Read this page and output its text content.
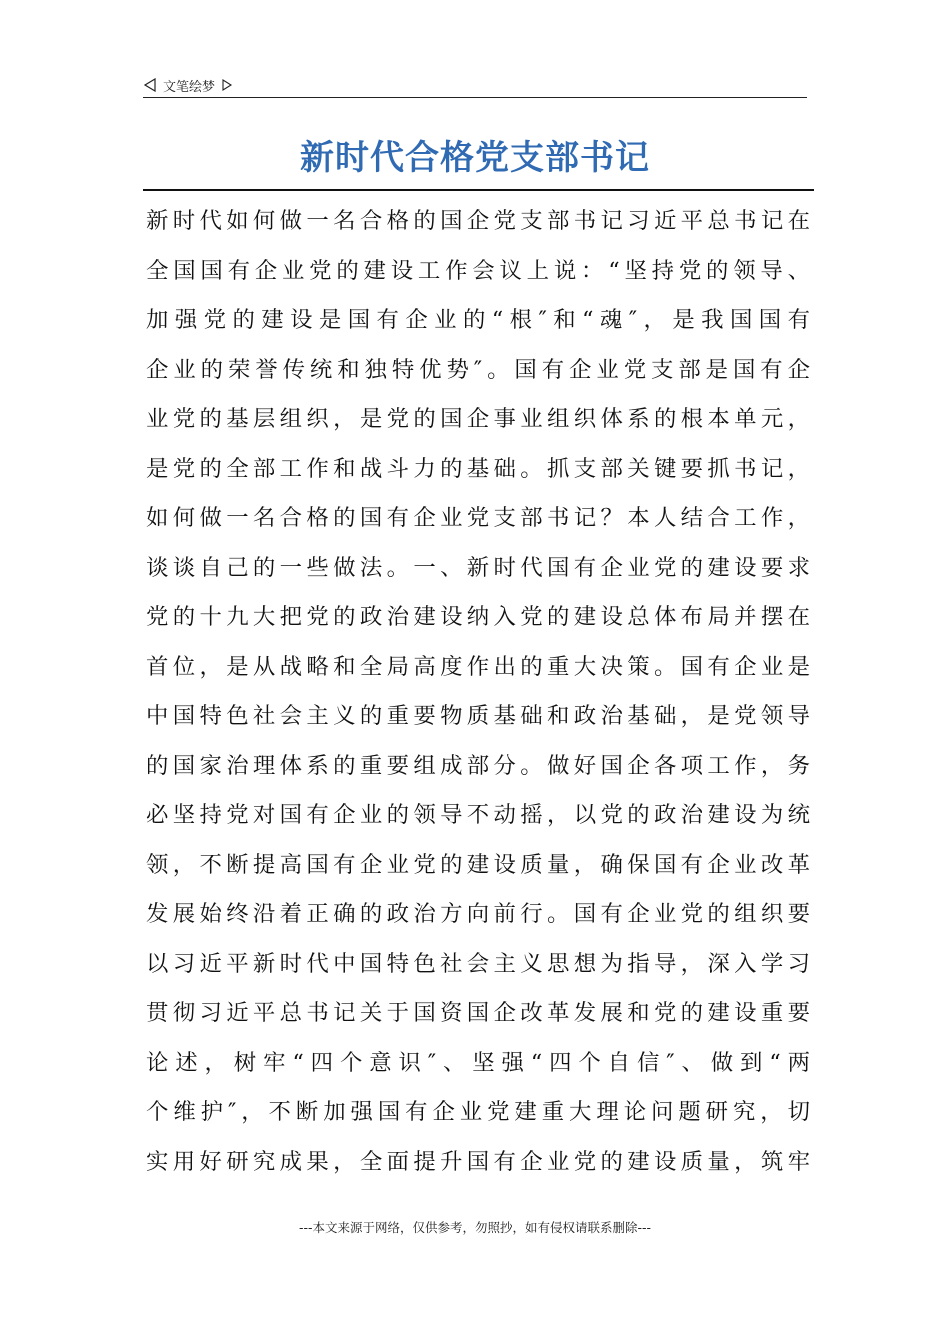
文笔绘梦
新时代合格党支部书记
新时代如何做一名合格的国企党支部书记习近平总书记在
全国国有企业党的建设工作会议上说：“坚持党的领导、
加强党的建设是国有企业的“根″和“魂″，是我国国有
企业的荣誉传统和独特优势″。国有企业党支部是国有企
业党的基层组织，是党的国企事业组织体系的根本单元，
是党的全部工作和战斗力的基础。抓支部关键要抓书记，
如何做一名合格的国有企业党支部书记？本人结合工作，
谈谈自己的一些做法。一、新时代国有企业党的建设要求
党的十九大把党的政治建设纳入党的建设总体布局并摆在
首位，是从战略和全局高度作出的重大决策。国有企业是
中国特色社会主义的重要物质基础和政治基础，是党领导
的国家治理体系的重要组成部分。做好国企各项工作，务
必坚持党对国有企业的领导不动摇，以党的政治建设为统
领，不断提高国有企业党的建设质量，确保国有企业改革
发展始终沿着正确的政治方向前行。国有企业党的组织要
以习近平新时代中国特色社会主义思想为指导，深入学习
贯彻习近平总书记关于国资国企改革发展和党的建设重要
论述，树牢“四个意识″、坚强“四个自信″、做到“两
个维护″，不断加强国有企业党建重大理论问题研究，切
实用好研究成果，全面提升国有企业党的建设质量，筑牢
---本文来源于网络，仅供参考，勿照抄，如有侵权请联系删除---
